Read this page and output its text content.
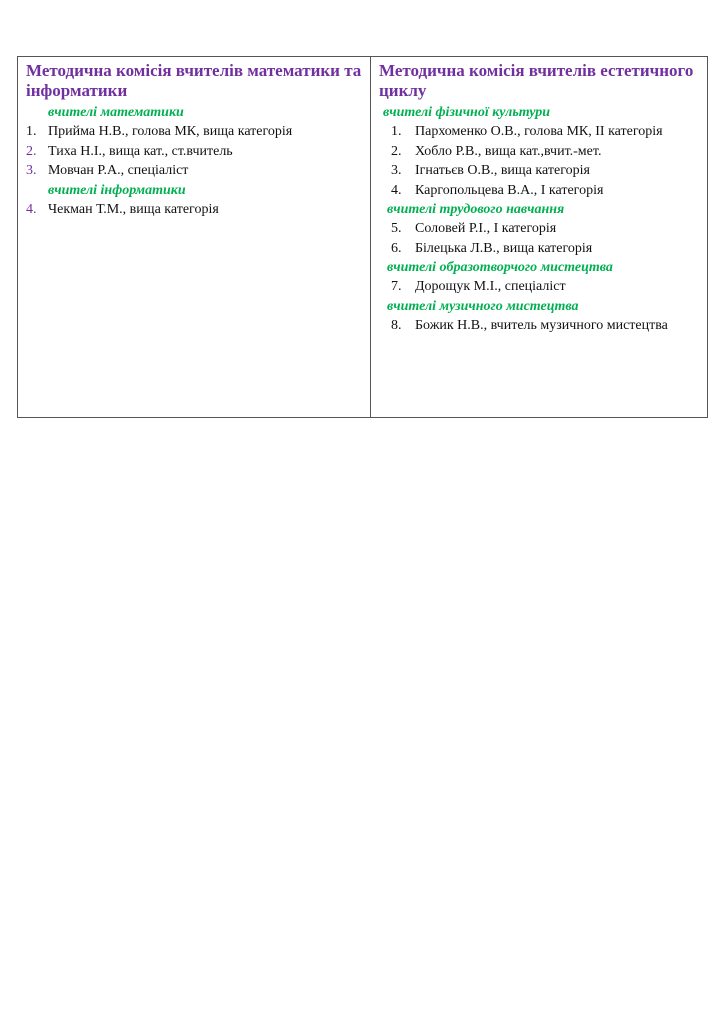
Методична комісія вчителів математики та інформатики

вчителі математики

1. Прийма Н.В., голова МК, вища категорія
2. Тиха Н.І., вища кат., ст.вчитель
3. Мовчан Р.А., спеціаліст

вчителі інформатики

4. Чекман Т.М., вища категорія

Методична комісія вчителів естетичного циклу

вчителі фізичної культури

1. Пархоменко О.В., голова МК, ІІ категорія
2. Хобло Р.В., вища кат.,вчит.-мет.
3. Ігнатьєв О.В., вища категорія
4. Каргопольцева В.А., І категорія

вчителі трудового навчання

5. Соловей Р.І., І категорія
6. Білецька Л.В., вища категорія

вчителі образотворчого мистецтва

7. Дорощук М.І., спеціаліст

вчителі музичного мистецтва

8. Божик Н.В., вчитель музичного мистецтва
